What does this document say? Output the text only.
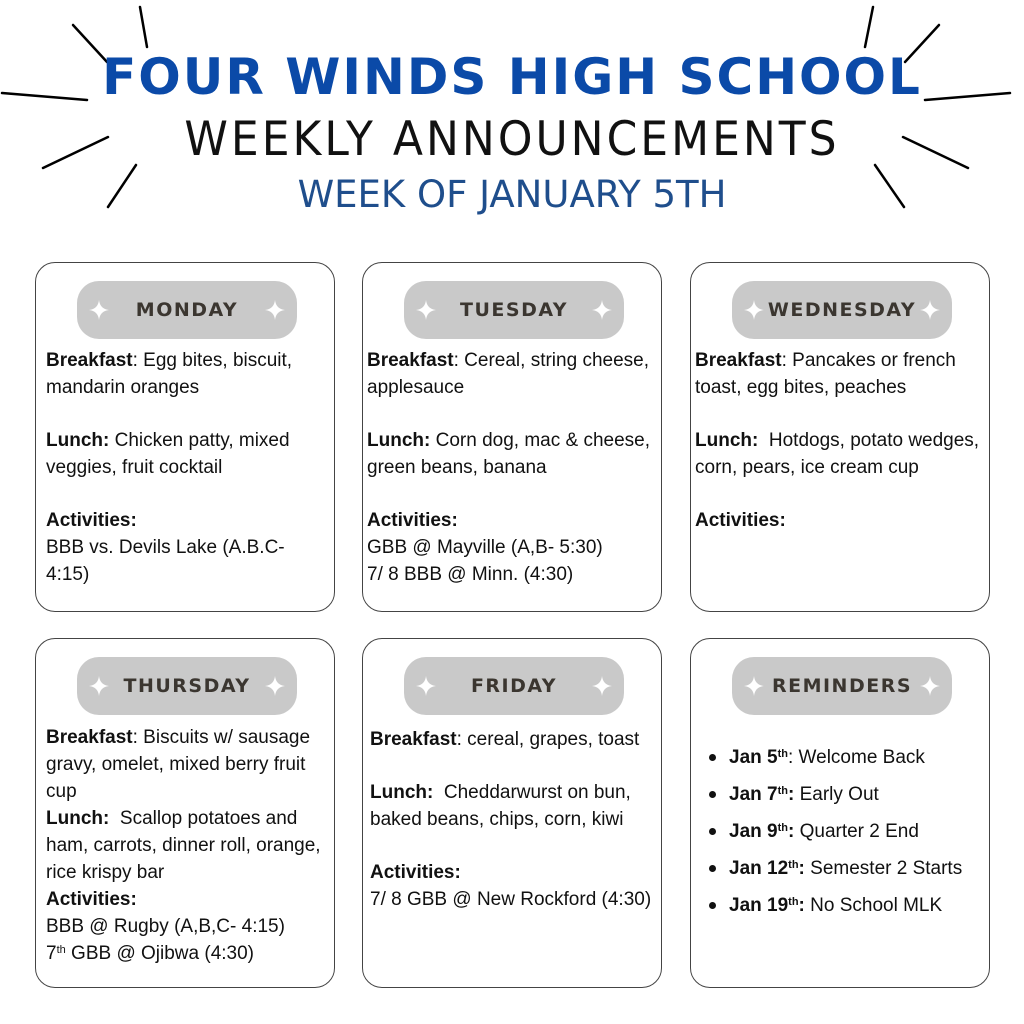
FOUR WINDS HIGH SCHOOL
WEEKLY ANNOUNCEMENTS
WEEK OF JANUARY 5TH
MONDAY

Breakfast: Egg bites, biscuit, mandarin oranges

Lunch: Chicken patty, mixed veggies, fruit cocktail

Activities:

BBB vs. Devils Lake (A.B.C- 4:15)

TUESDAY

Breakfast: Cereal, string cheese, applesauce

Lunch: Corn dog, mac & cheese, green beans, banana

Activities:

GBB @ Mayville (A,B- 5:30)

7/ 8 BBB @ Minn. (4:30)

WEDNESDAY

Breakfast: Pancakes or french toast, egg bites, peaches

Lunch: Hotdogs, potato wedges, corn, pears, ice cream cup

Activities:

THURSDAY

Breakfast: Biscuits w/ sausage gravy, omelet, mixed berry fruit cup

Lunch: Scallop potatoes and ham, carrots, dinner roll, orange, rice krispy bar

Activities:

BBB @ Rugby (A,B,C- 4:15)

7th GBB @ Ojibwa (4:30)

FRIDAY

Breakfast: cereal, grapes, toast

Lunch: Cheddarwurst on bun, baked beans, chips, corn, kiwi

Activities:

7/ 8 GBB @ New Rockford (4:30)

REMINDERS
Jan 5th: Welcome Back
Jan 7th: Early Out
Jan 9th: Quarter 2 End
Jan 12th: Semester 2 Starts
Jan 19th: No School MLK
